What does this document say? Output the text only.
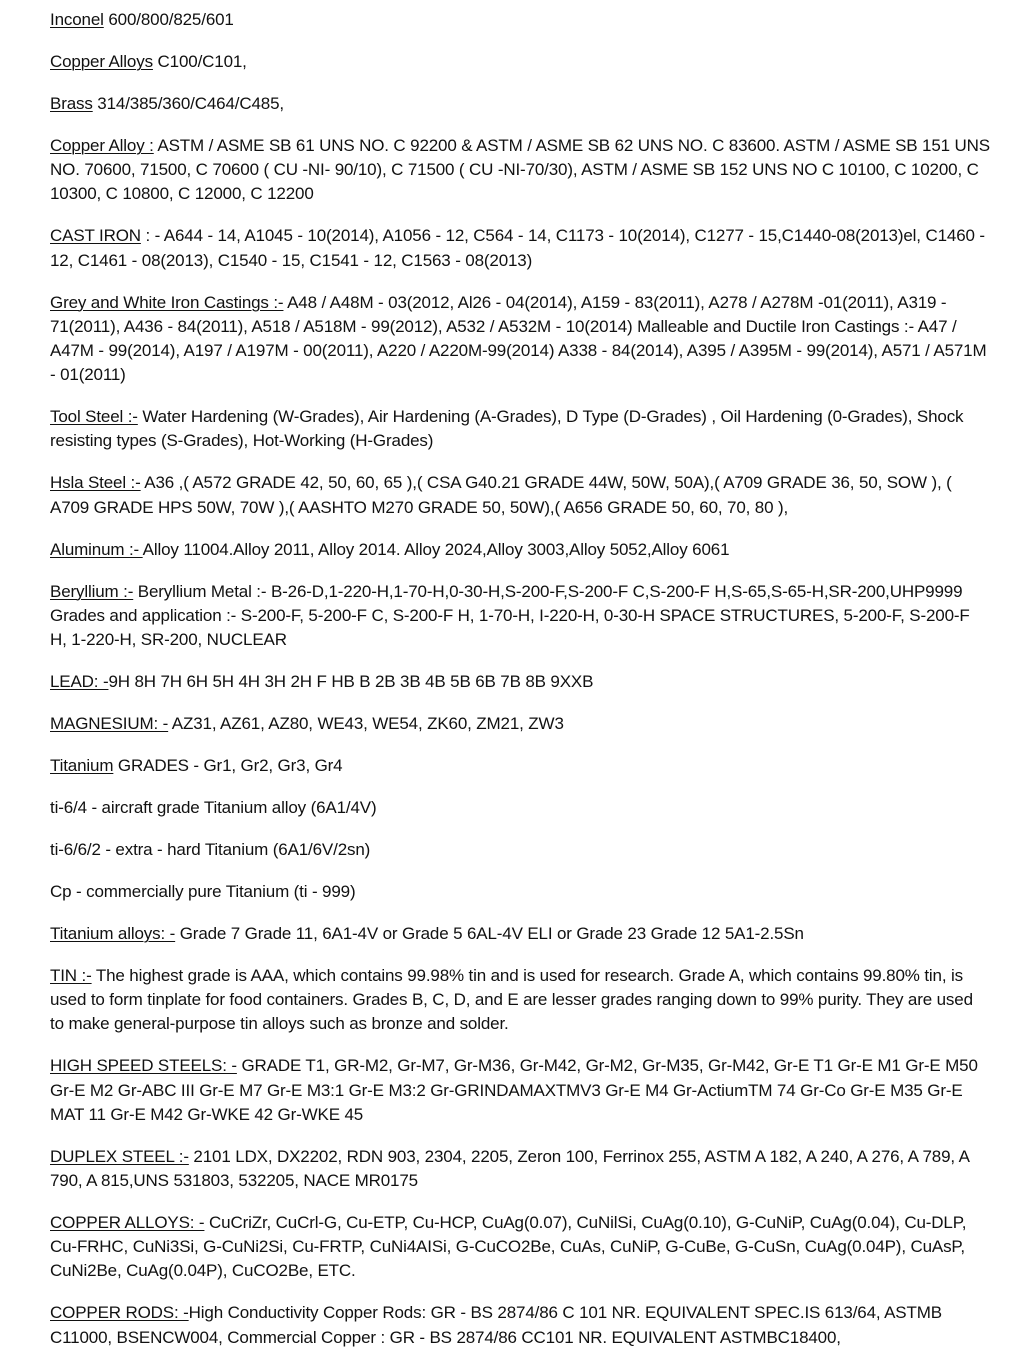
Inconel 600/800/825/601

Copper Alloys C100/C101,

Brass 314/385/360/C464/C485,

Copper Alloy : ASTM / ASME SB 61 UNS NO. C 92200 & ASTM / ASME SB 62 UNS NO. C 83600. ASTM / ASME SB 151 UNS NO. 70600, 71500, C 70600 ( CU -NI- 90/10), C 71500 ( CU -NI-70/30), ASTM / ASME SB 152 UNS NO C 10100, C 10200, C 10300, C 10800, C 12000, C 12200

CAST IRON : - A644 - 14, A1045 - 10(2014), A1056 - 12, C564 - 14, C1173 - 10(2014), C1277 - 15,C1440-08(2013)el, C1460 - 12, C1461 - 08(2013), C1540 - 15, C1541 - 12, C1563 - 08(2013)

Grey and White Iron Castings :- A48 / A48M - 03(2012, Al26 - 04(2014), A159 - 83(2011), A278 / A278M -01(2011), A319 - 71(2011), A436 - 84(2011), A518 / A518M - 99(2012), A532 / A532M - 10(2014) Malleable and Ductile Iron Castings :- A47 / A47M - 99(2014), A197 / A197M - 00(2011), A220 / A220M-99(2014) A338 - 84(2014), A395 / A395M - 99(2014), A571 / A571M - 01(2011)

Tool Steel :- Water Hardening (W-Grades), Air Hardening (A-Grades), D Type (D-Grades) , Oil Hardening (0-Grades), Shock resisting types (S-Grades), Hot-Working (H-Grades)

Hsla Steel :- A36 ,( A572 GRADE 42, 50, 60, 65 ),( CSA G40.21 GRADE 44W, 50W, 50A),( A709 GRADE 36, 50, SOW ), ( A709 GRADE HPS 50W, 70W ),( AASHTO M270 GRADE 50, 50W),( A656 GRADE 50, 60, 70, 80 ),

Aluminum :- Alloy 11004.Alloy 2011, Alloy 2014. Alloy 2024,Alloy 3003,Alloy 5052,Alloy 6061

Beryllium :- Beryllium Metal :- B-26-D,1-220-H,1-70-H,0-30-H,S-200-F,S-200-F C,S-200-F H,S-65,S-65-H,SR-200,UHP9999 Grades and application :- S-200-F, 5-200-F C, S-200-F H, 1-70-H, I-220-H, 0-30-H SPACE STRUCTURES, 5-200-F, S-200-F H, 1-220-H, SR-200, NUCLEAR

LEAD: -9H 8H 7H 6H 5H 4H 3H 2H F HB B 2B 3B 4B 5B 6B 7B 8B 9XXB

MAGNESIUM: - AZ31, AZ61, AZ80, WE43, WE54, ZK60, ZM21, ZW3

Titanium GRADES - Gr1, Gr2, Gr3, Gr4

ti-6/4 - aircraft grade Titanium alloy (6A1/4V)

ti-6/6/2 - extra - hard Titanium (6A1/6V/2sn)

Cp - commercially pure Titanium (ti - 999)

Titanium alloys: - Grade 7 Grade 11, 6A1-4V or Grade 5 6AL-4V ELI or Grade 23 Grade 12 5A1-2.5Sn

TIN :- The highest grade is AAA, which contains 99.98% tin and is used for research. Grade A, which contains 99.80% tin, is used to form tinplate for food containers. Grades B, C, D, and E are lesser grades ranging down to 99% purity. They are used to make general-purpose tin alloys such as bronze and solder.

HIGH SPEED STEELS: - GRADE T1, GR-M2, Gr-M7, Gr-M36, Gr-M42, Gr-M2, Gr-M35, Gr-M42, Gr-E T1 Gr-E M1 Gr-E M50 Gr-E M2 Gr-ABC III Gr-E M7 Gr-E M3:1 Gr-E M3:2 Gr-GRINDAMAXTMV3 Gr-E M4 Gr-ActiumTM 74 Gr-Co Gr-E M35 Gr-E MAT 11 Gr-E M42 Gr-WKE 42 Gr-WKE 45

DUPLEX STEEL :- 2101 LDX, DX2202, RDN 903, 2304, 2205, Zeron 100, Ferrinox 255, ASTM A 182, A 240, A 276, A 789, A 790, A 815,UNS 531803, 532205, NACE MR0175

COPPER ALLOYS: - CuCriZr, CuCrl-G, Cu-ETP, Cu-HCP, CuAg(0.07), CuNilSi, CuAg(0.10), G-CuNiP, CuAg(0.04), Cu-DLP, Cu-FRHC, CuNi3Si, G-CuNi2Si, Cu-FRTP, CuNi4AISi, G-CuCO2Be, CuAs, CuNiP, G-CuBe, G-CuSn, CuAg(0.04P), CuAsP, CuNi2Be, CuAg(0.04P), CuCO2Be, ETC.

COPPER RODS: -High Conductivity Copper Rods: GR - BS 2874/86 C 101 NR. EQUIVALENT SPEC.IS 613/64, ASTMB C11000, BSENCW004, Commercial Copper : GR - BS 2874/86 CC101 NR. EQUIVALENT ASTMBC18400,
